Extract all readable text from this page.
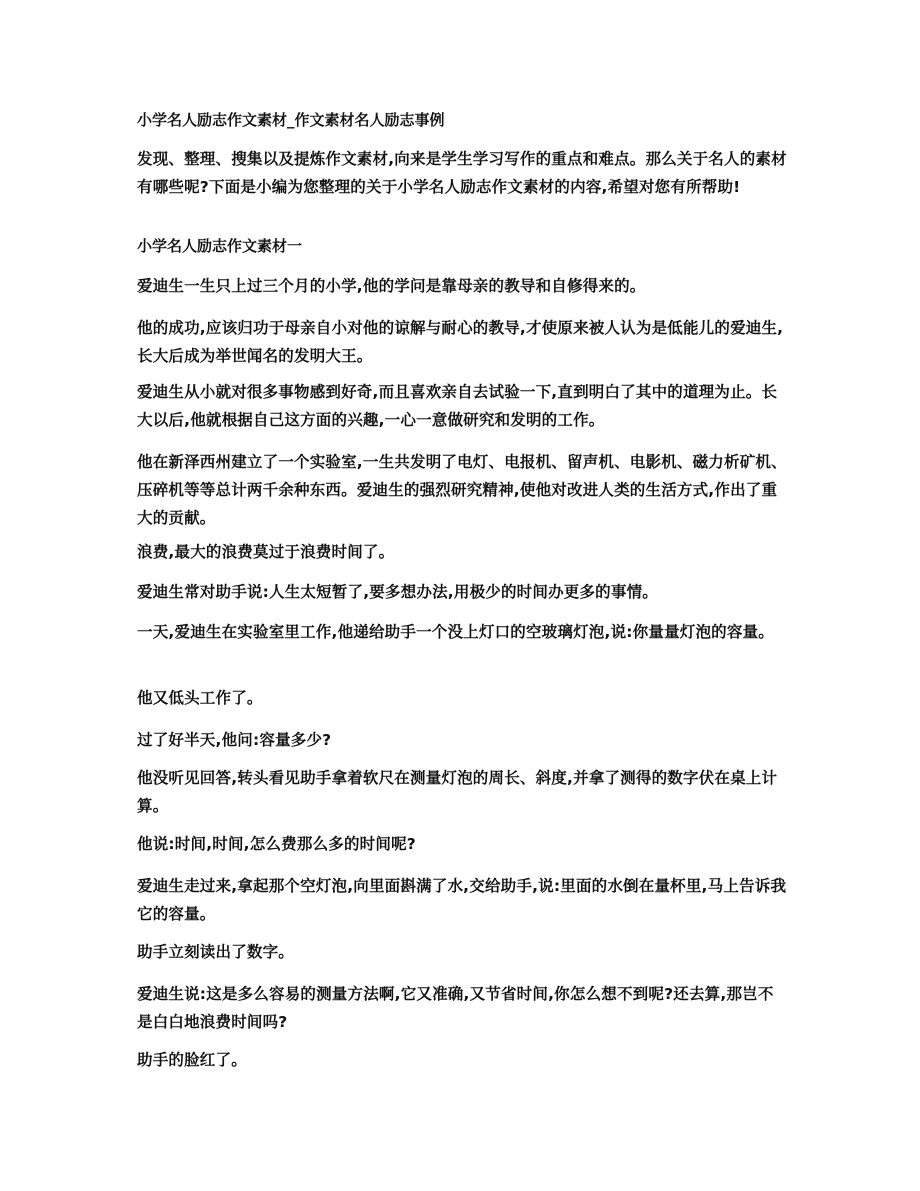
小学名人励志作文素材_作文素材名人励志事例

发现、整理、搜集以及提炼作文素材,向来是学生学习写作的重点和难点。那么关于名人的素材有哪些呢?下面是小编为您整理的关于小学名人励志作文素材的内容,希望对您有所帮助!

小学名人励志作文素材一

爱迪生一生只上过三个月的小学,他的学问是靠母亲的教导和自修得来的。

他的成功,应该归功于母亲自小对他的谅解与耐心的教导,才使原来被人认为是低能儿的爱迪生,长大后成为举世闻名的发明大王。

爱迪生从小就对很多事物感到好奇,而且喜欢亲自去试验一下,直到明白了其中的道理为止。长大以后,他就根据自己这方面的兴趣,一心一意做研究和发明的工作。

他在新泽西州建立了一个实验室,一生共发明了电灯、电报机、留声机、电影机、磁力析矿机、压碎机等等总计两千余种东西。爱迪生的强烈研究精神,使他对改进人类的生活方式,作出了重大的贡献。

浪费,最大的浪费莫过于浪费时间了。

爱迪生常对助手说:人生太短暂了,要多想办法,用极少的时间办更多的事情。

一天,爱迪生在实验室里工作,他递给助手一个没上灯口的空玻璃灯泡,说:你量量灯泡的容量。

他又低头工作了。

过了好半天,他问:容量多少?

他没听见回答,转头看见助手拿着软尺在测量灯泡的周长、斜度,并拿了测得的数字伏在桌上计算。

他说:时间,时间,怎么费那么多的时间呢?

爱迪生走过来,拿起那个空灯泡,向里面斟满了水,交给助手,说:里面的水倒在量杯里,马上告诉我它的容量。

助手立刻读出了数字。

爱迪生说:这是多么容易的测量方法啊,它又准确,又节省时间,你怎么想不到呢?还去算,那岂不是白白地浪费时间吗?

助手的脸红了。
